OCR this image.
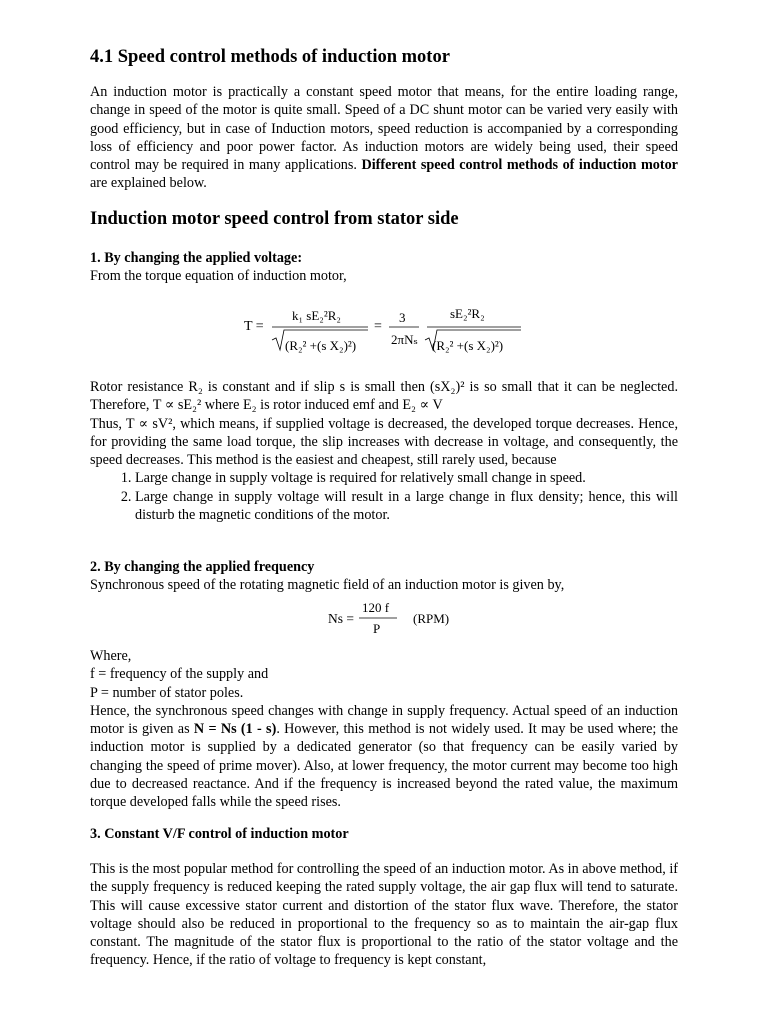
4.1 Speed control methods of induction motor
An induction motor is practically a constant speed motor that means, for the entire loading range, change in speed of the motor is quite small. Speed of a DC shunt motor can be varied very easily with good efficiency, but in case of Induction motors, speed reduction is accompanied by a corresponding loss of efficiency and poor power factor. As induction motors are widely being used, their speed control may be required in many applications. Different speed control methods of induction motor are explained below.
Induction motor speed control from stator side
1. By changing the applied voltage:
From the torque equation of induction motor,
T =
k₁ sE₂²R₂
(R₂² +(s X₂)²)
=
3
2πNₛ
sE₂²R₂
(R₂² +(s X₂)²)
Rotor resistance R₂ is constant and if slip s is small then (sX₂)² is so small that it can be neglected. Therefore, T ∝ sE₂² where E₂ is rotor induced emf and E₂ ∝ V
Thus, T ∝ sV², which means, if supplied voltage is decreased, the developed torque decreases. Hence, for providing the same load torque, the slip increases with decrease in voltage, and consequently, the speed decreases. This method is the easiest and cheapest, still rarely used, because
1. Large change in supply voltage is required for relatively small change in speed.
2. Large change in supply voltage will result in a large change in flux density; hence, this will disturb the magnetic conditions of the motor.
2. By changing the applied frequency
Synchronous speed of the rotating magnetic field of an induction motor is given by,
Ns =
120 f
P
(RPM)
Where,
f = frequency of the supply and
P = number of stator poles.
Hence, the synchronous speed changes with change in supply frequency. Actual speed of an induction motor is given as N = Ns (1 - s). However, this method is not widely used. It may be used where; the induction motor is supplied by a dedicated generator (so that frequency can be easily varied by changing the speed of prime mover). Also, at lower frequency, the motor current may become too high due to decreased reactance. And if the frequency is increased beyond the rated value, the maximum torque developed falls while the speed rises.
3. Constant V/F control of induction motor
This is the most popular method for controlling the speed of an induction motor. As in above method, if the supply frequency is reduced keeping the rated supply voltage, the air gap flux will tend to saturate. This will cause excessive stator current and distortion of the stator flux wave. Therefore, the stator voltage should also be reduced in proportional to the frequency so as to maintain the air-gap flux constant. The magnitude of the stator flux is proportional to the ratio of the stator voltage and the frequency. Hence, if the ratio of voltage to frequency is kept constant,
